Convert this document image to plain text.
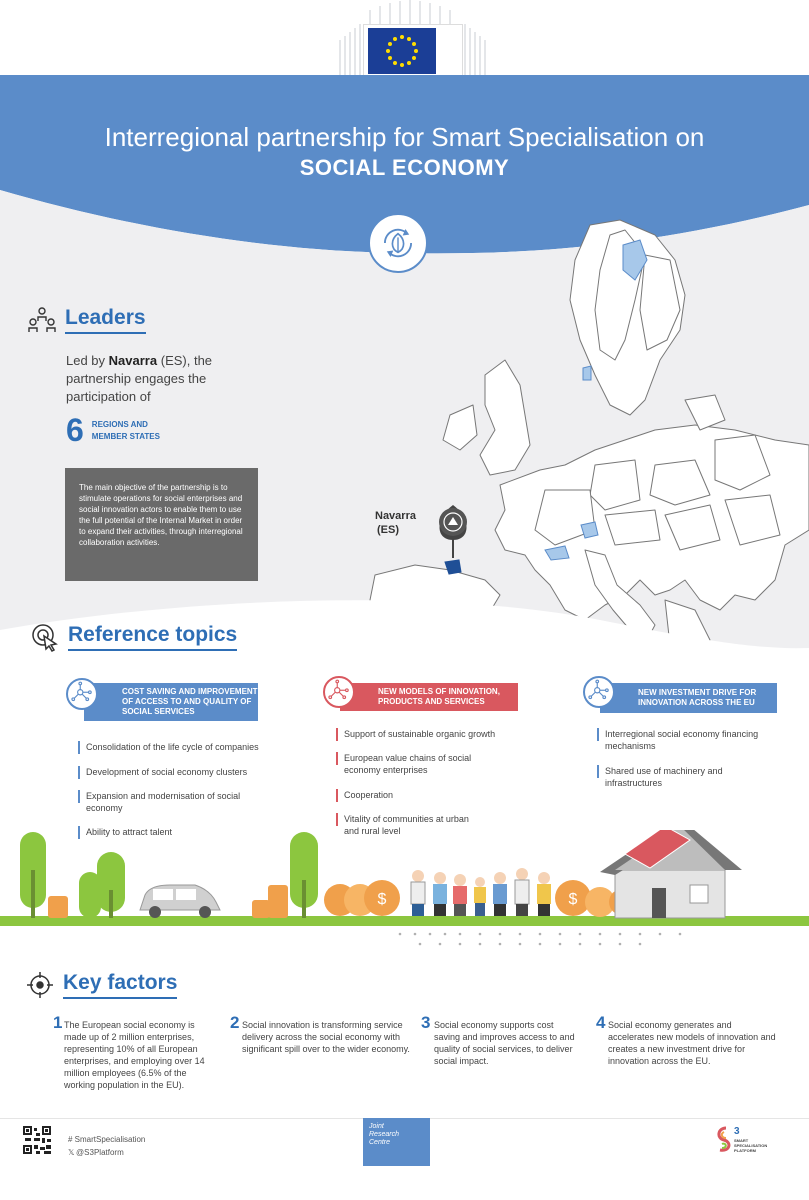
Interregional partnership for Smart Specialisation on
SOCIAL ECONOMY
Navarra
(ES)
Leaders
Led by Navarra (ES), the partnership engages the participation of
6 REGIONS AND MEMBER STATES
The main objective of the partnership is to stimulate operations for social enterprises and social innovation actors to enable them to use the full potential of the Internal Market in order to expand their activities, through interregional collaboration activities.
Reference topics
COST SAVING AND IMPROVEMENT OF ACCESS TO AND QUALITY OF SOCIAL SERVICES
Consolidation of the life cycle of companies
Development of social economy clusters
Expansion and modernisation of social economy
Ability to attract talent
NEW MODELS OF INNOVATION, PRODUCTS AND SERVICES
Support of sustainable organic growth
European value chains of social economy enterprises
Cooperation
Vitality of communities at urban and rural level
NEW INVESTMENT DRIVE FOR INNOVATION ACROSS THE EU
Interregional social economy financing mechanisms
Shared use of machinery and infrastructures
$	$
Key factors
1 The European social economy is made up of 2 million enterprises, representing 10% of all European enterprises, and employing over 14 million employees (6.5% of the working population in the EU).
2 Social innovation is transforming service delivery across the social economy with significant spill over to the wider economy.
3 Social economy supports cost saving and improves access to and quality of social services, to deliver social impact.
4 Social economy generates and accelerates new models of innovation and creates a new investment drive for innovation across the EU.
# SmartSpecialisation
𝕏 @S3Platform
Joint
Research
Centre
3
SMART
SPECIALISATION
PLATFORM
